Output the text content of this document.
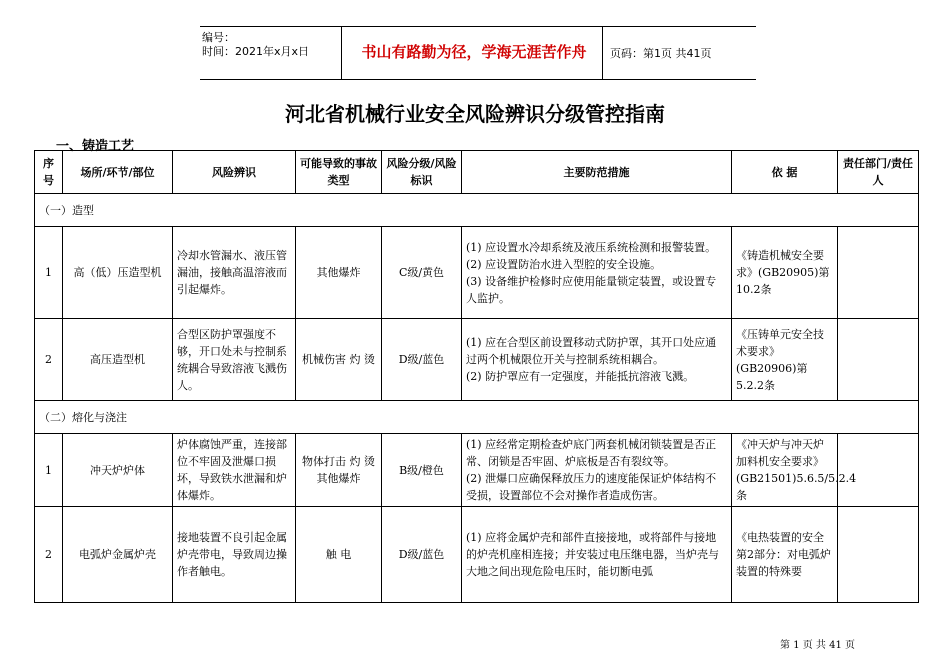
编号：
时间：2021年x月x日	书山有路勤为径，学海无涯苦作舟	页码：第1页 共41页
河北省机械行业安全风险辨识分级管控指南
一、铸造工艺
序号	场所/环节/部位	风险辨识	可能导致的事故类型	风险分级/风险标识	主要防范措施	依 据	责任部门/责任人
（一）造型							
1	高（低）压造型机	冷却水管漏水、液压管漏油，接触高温溶液而引起爆炸。	其他爆炸	C级/黄色	(1) 应设置水冷却系统及液压系统检测和报警装置。
(2) 应设置防治水进入型腔的安全设施。
(3) 设备维护检修时应使用能量锁定装置，或设置专人监护。	《铸造机械安全要求》(GB20905)第10.2条	
2	高压造型机	合型区防护罩强度不够，开口处未与控制系统耦合导致溶液飞溅伤人。	机械伤害 灼 烫	D级/蓝色	(1) 应在合型区前设置移动式防护罩，其开口处应通过两个机械限位开关与控制系统相耦合。
(2) 防护罩应有一定强度，并能抵抗溶液飞溅。	《压铸单元安全技术要求》(GB20906)第5.2.2条	
（二）熔化与浇注							
1	冲天炉炉体	炉体腐蚀严重，连接部位不牢固及泄爆口损坏，导致铁水泄漏和炉体爆炸。	物体打击 灼 烫 其他爆炸	B级/橙色	(1) 应经常定期检查炉底门两套机械闭锁装置是否正常、闭锁是否牢固、炉底板是否有裂纹等。
(2) 泄爆口应确保释放压力的速度能保证炉体结构不受损，设置部位不会对操作者造成伤害。	《冲天炉与冲天炉加料机安全要求》(GB21501)5.6.5/5.2.4条	
2	电弧炉金属炉壳	接地装置不良引起金属炉壳带电，导致周边操作者触电。	触 电	D级/蓝色	(1) 应将金属炉壳和部件直接接地，或将部件与接地的炉壳机座相连接；并安装过电压继电器，当炉壳与大地之间出现危险电压时，能切断电弧	《电热装置的安全第2部分：对电弧炉装置的特殊要	
第 1 页 共 41 页
